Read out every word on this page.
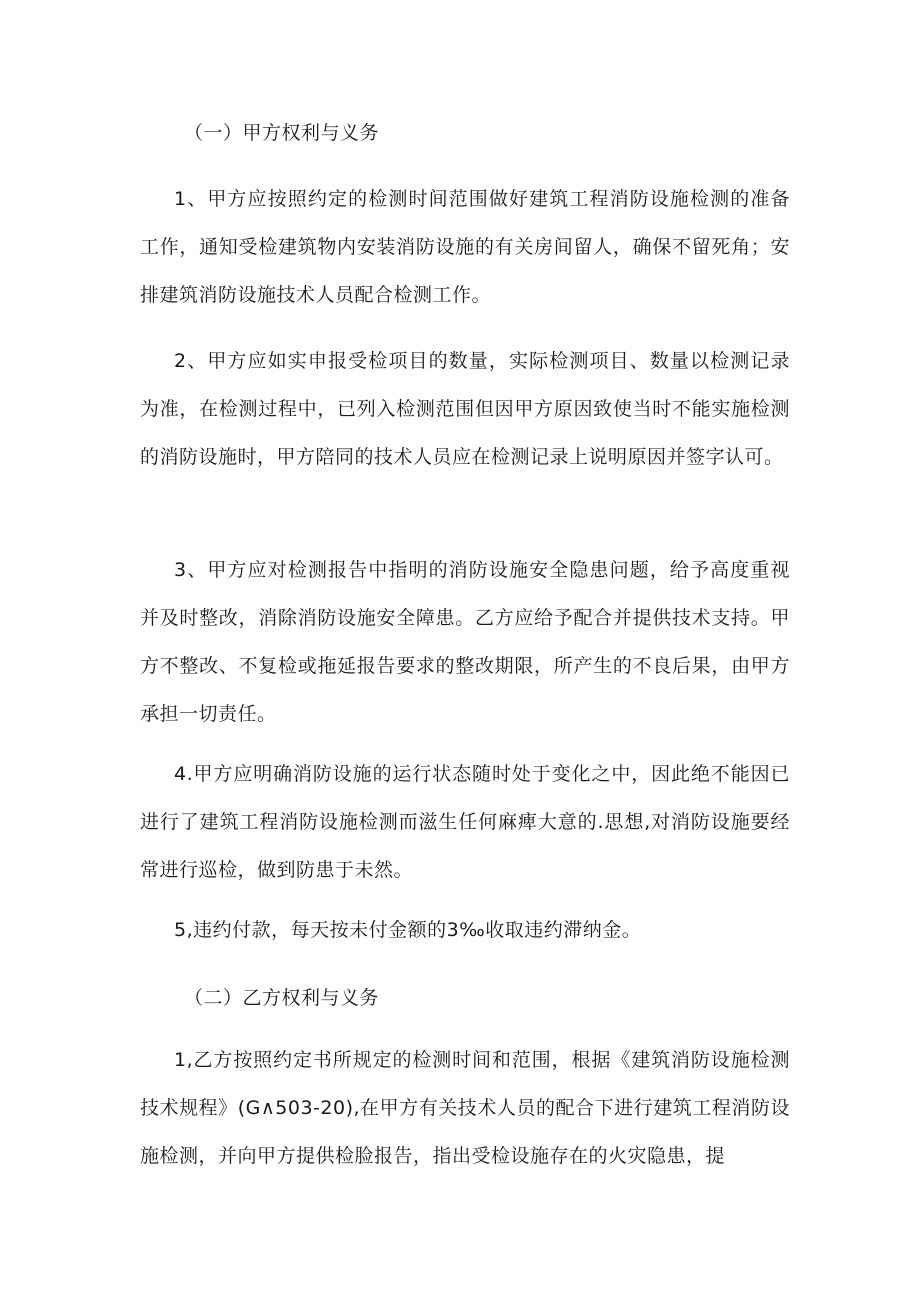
（一）甲方权利与义务

1、甲方应按照约定的检测时间范围做好建筑工程消防设施检测的准备工作，通知受检建筑物内安装消防设施的有关房间留人，确保不留死角；安排建筑消防设施技术人员配合检测工作。

2、甲方应如实申报受检项目的数量，实际检测项目、数量以检测记录为准，在检测过程中，已列入检测范围但因甲方原因致使当时不能实施检测的消防设施时，甲方陪同的技术人员应在检测记录上说明原因并签字认可。

3、甲方应对检测报告中指明的消防设施安全隐患问题，给予高度重视并及时整改，消除消防设施安全障患。乙方应给予配合并提供技术支持。甲方不整改、不复检或拖延报告要求的整改期限，所产生的不良后果，由甲方承担一切责任。

4.甲方应明确消防设施的运行状态随时处于变化之中，因此绝不能因已进行了建筑工程消防设施检测而滋生任何麻痺大意的.思想,对消防设施要经常进行巡检，做到防患于未然。

5,违约付款，每天按未付金额的3‰收取违约滞纳金。

（二）乙方权利与义务

1,乙方按照约定书所规定的检测时间和范围，根据《建筑消防设施检测技术规程》(G∧503-20),在甲方有关技术人员的配合下进行建筑工程消防设施检测，并向甲方提供检脸报告，指出受检设施存在的火灾隐患，提
